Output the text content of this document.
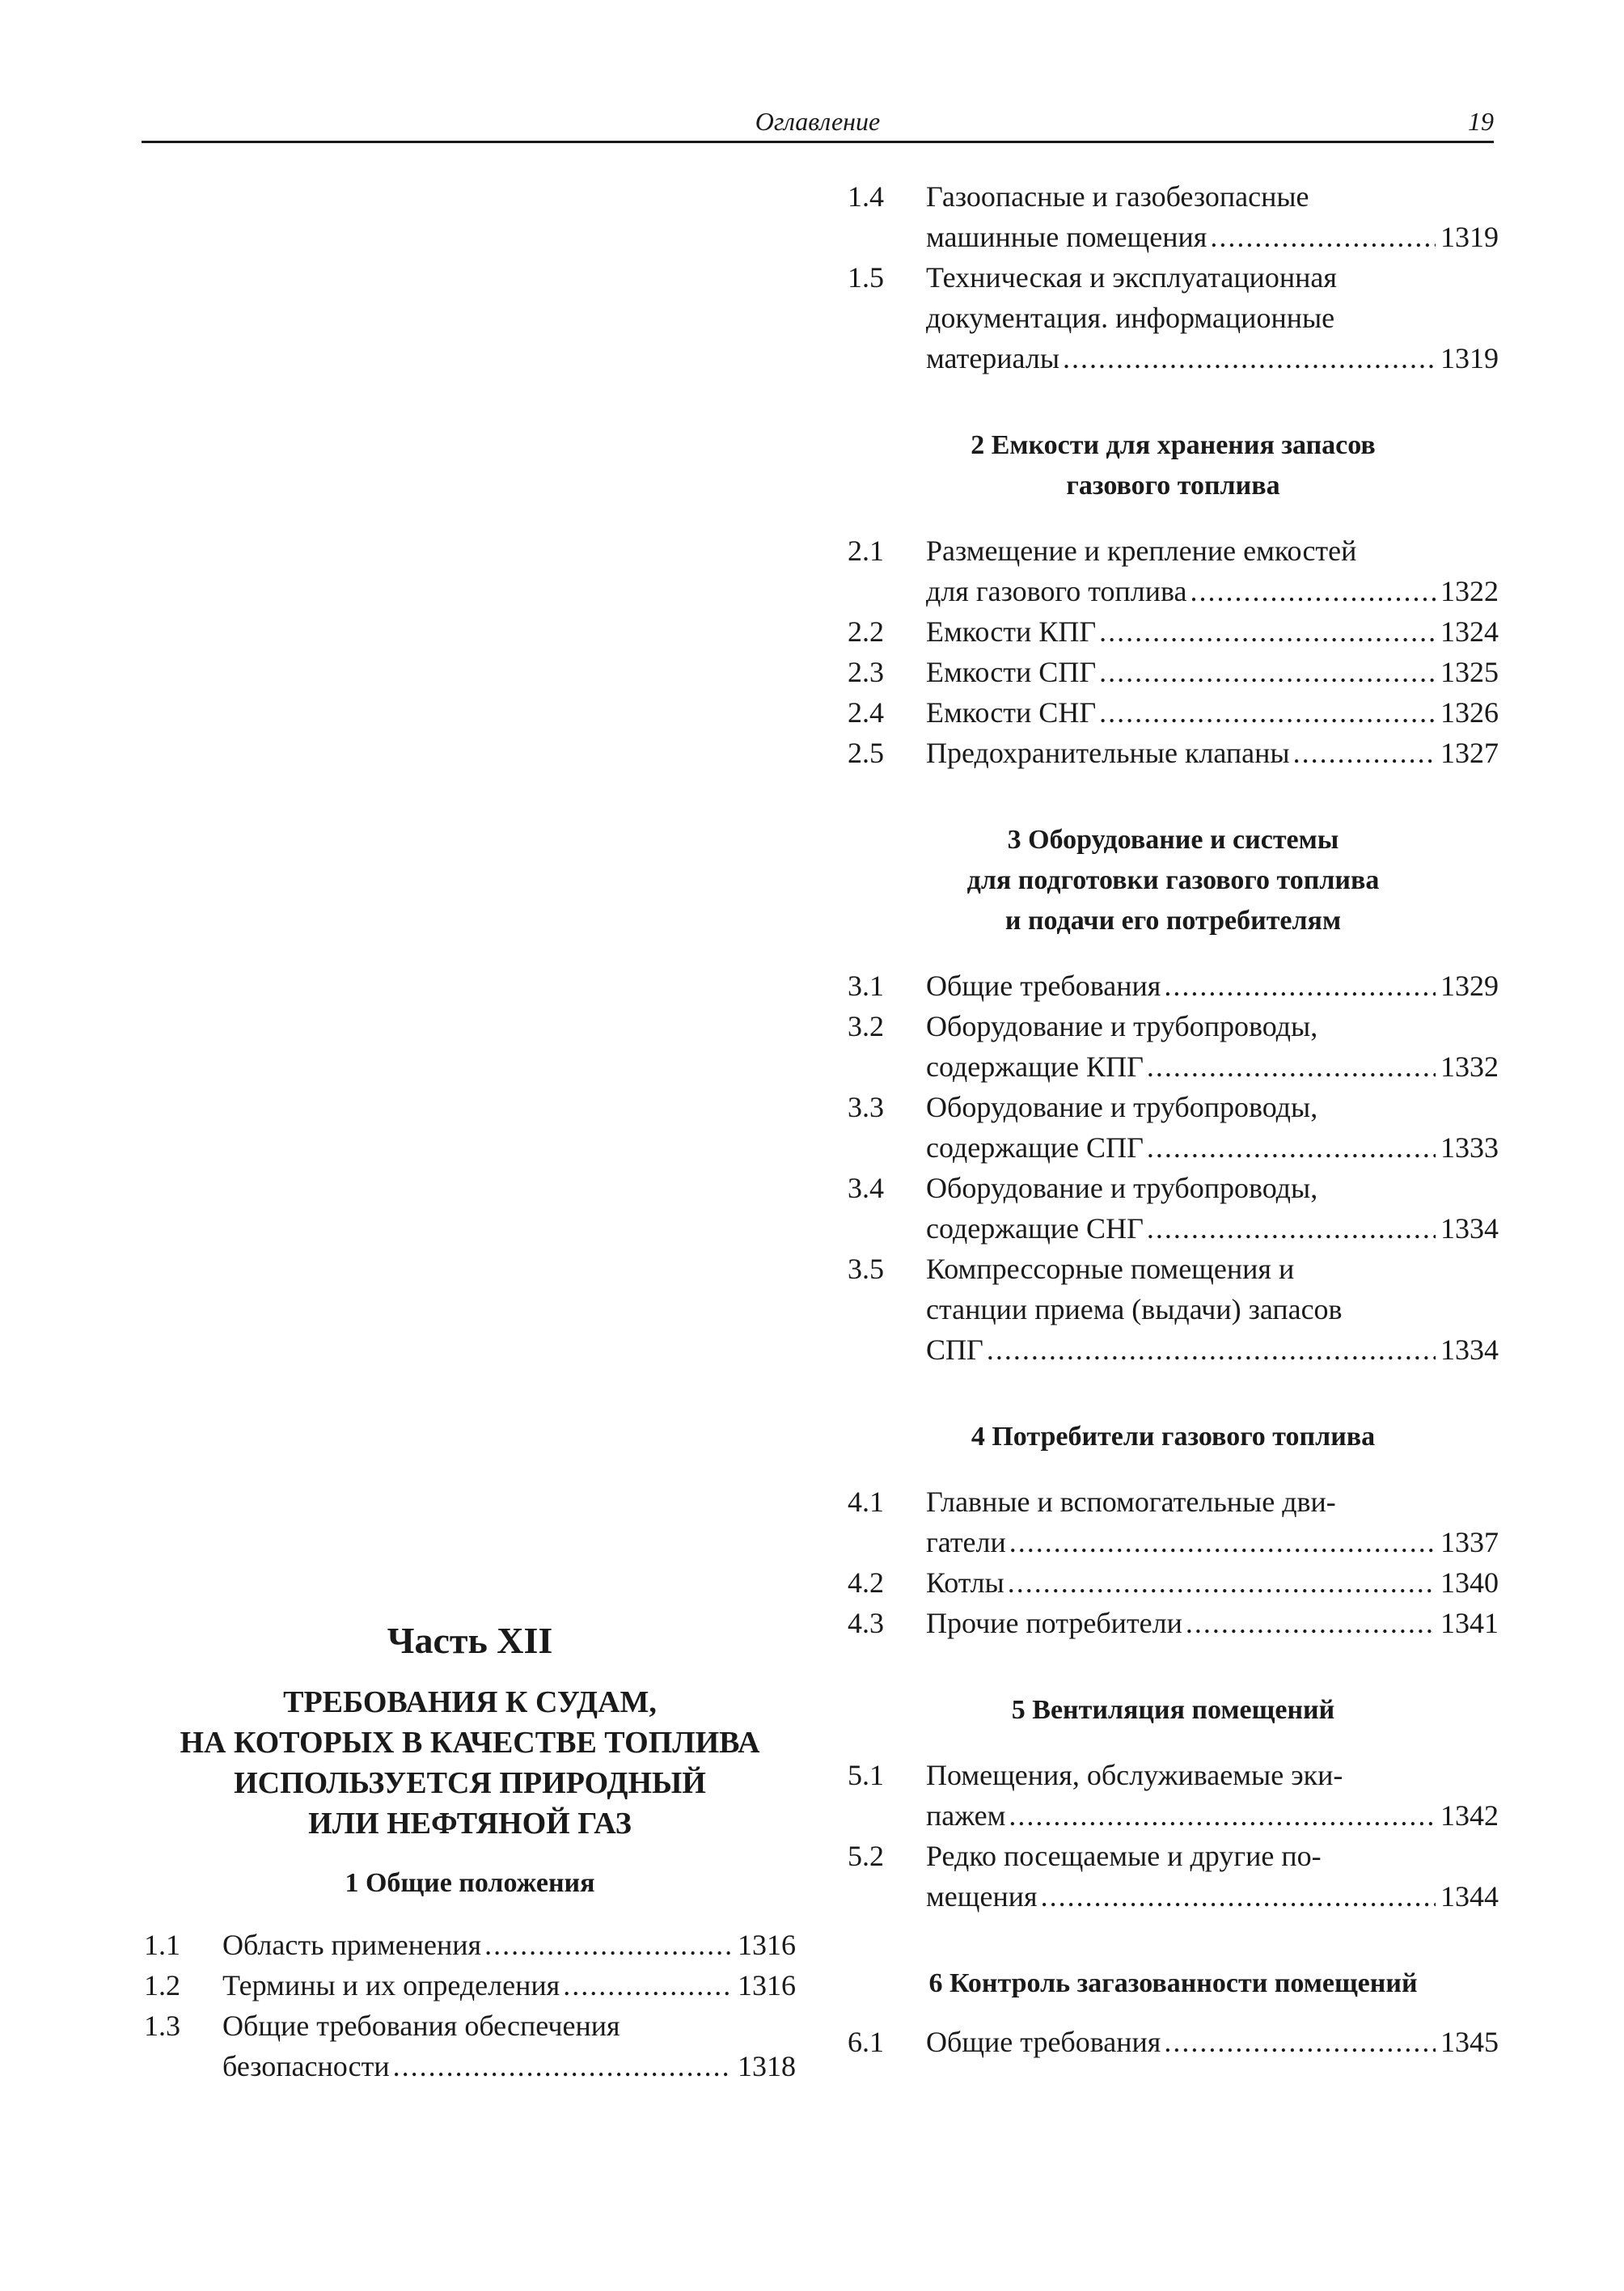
Оглавление	19
Часть XII
ТРЕБОВАНИЯ К СУДАМ,
НА КОТОРЫХ В КАЧЕСТВЕ ТОПЛИВА
ИСПОЛЬЗУЕТСЯ ПРИРОДНЫЙ
ИЛИ НЕФТЯНОЙ ГАЗ
1 Общие положения
1.1 Область применения .....	1316
1.2 Термины и их определения .....	1316
1.3 Общие требования обеспечения
безопасности .....	1318
1.4 Газоопасные и газобезопасные
машинные помещения .....	1319
1.5 Техническая и эксплуатационная
документация. информационные
материалы .....	1319
2 Емкости для хранения запасов
газового топлива
2.1 Размещение и крепление емкостей
для газового топлива .....	1322
2.2 Емкости КПГ .....	1324
2.3 Емкости СПГ .....	1325
2.4 Емкости СНГ .....	1326
2.5 Предохранительные клапаны .....	1327
3 Оборудование и системы
для подготовки газового топлива
и подачи его потребителям
3.1 Общие требования .....	1329
3.2 Оборудование и трубопроводы,
содержащие КПГ .....	1332
3.3 Оборудование и трубопроводы,
содержащие СПГ .....	1333
3.4 Оборудование и трубопроводы,
содержащие СНГ .....	1334
3.5 Компрессорные помещения и
станции приема (выдачи) запасов
СПГ .....	1334
4 Потребители газового топлива
4.1 Главные и вспомогательные дви-
гатели .....	1337
4.2 Котлы .....	1340
4.3 Прочие потребители .....	1341
5 Вентиляция помещений
5.1 Помещения, обслуживаемые эки-
пажем .....	1342
5.2 Редко посещаемые и другие по-
мещения .....	1344
6 Контроль загазованности помещений
6.1 Общие требования .....	1345
